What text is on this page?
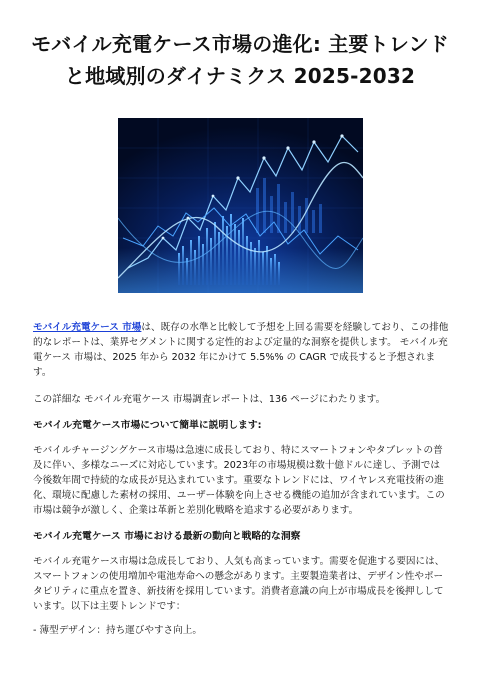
モバイル充電ケース市場の進化: 主要トレンド
と地域別のダイナミクス 2025-2032

モバイル充電ケース 市場は、既存の水準と比較して予想を上回る需要を経験しており、この排他的なレポートは、業界セグメントに関する定性的および定量的な洞察を提供します。 モバイル充電ケース 市場は、2025 年から 2032 年にかけて 5.5%% の CAGR で成長すると予想されます。

この詳細な モバイル充電ケース 市場調査レポートは、136 ページにわたります。

モバイル充電ケース市場について簡単に説明します:

モバイルチャージングケース市場は急速に成長しており、特にスマートフォンやタブレットの普及に伴い、多様なニーズに対応しています。2023年の市場規模は数十億ドルに達し、予測では今後数年間で持続的な成長が見込まれています。重要なトレンドには、ワイヤレス充電技術の進化、環境に配慮した素材の採用、ユーザー体験を向上させる機能の追加が含まれています。この市場は競争が激しく、企業は革新と差別化戦略を追求する必要があります。

モバイル充電ケース 市場における最新の動向と戦略的な洞察

モバイル充電ケース市場は急成長しており、人気も高まっています。需要を促進する要因には、スマートフォンの使用増加や電池寿命への懸念があります。主要製造業者は、デザイン性やポータビリティに重点を置き、新技術を採用しています。消費者意識の向上が市場成長を後押ししています。以下は主要トレンドです：

- 薄型デザイン：持ち運びやすさ向上。
